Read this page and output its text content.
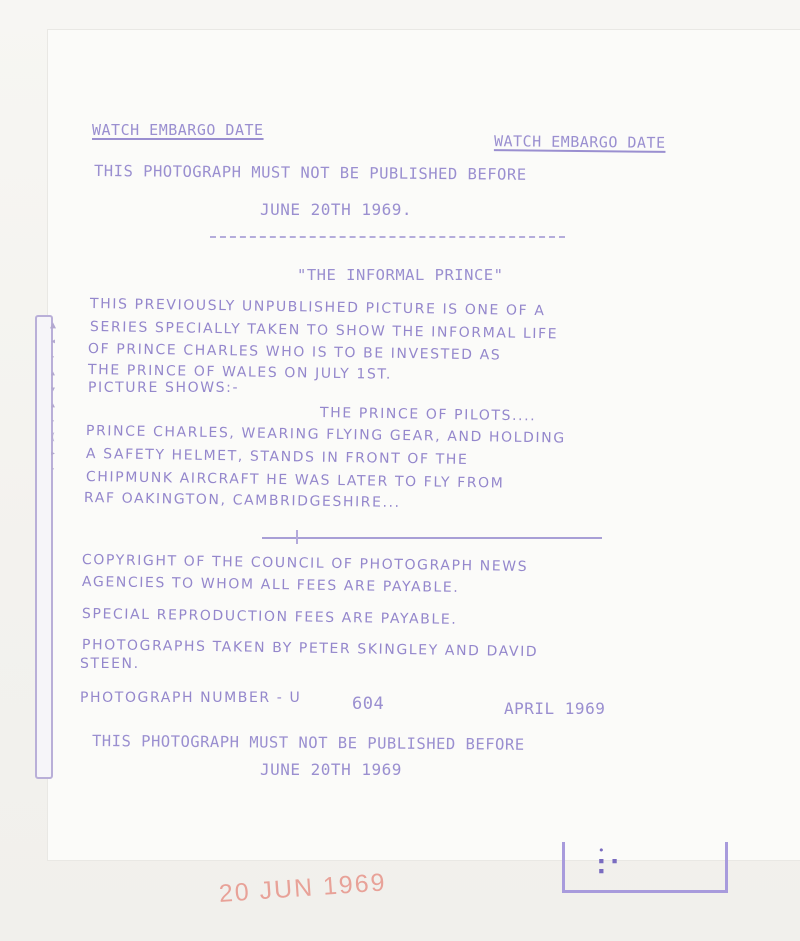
▲
◂
·
▴
▾
▴
·
(
▸
·
WATCH EMBARGO DATE
WATCH EMBARGO DATE
THIS PHOTOGRAPH MUST NOT BE PUBLISHED BEFORE
JUNE 20TH 1969.
"THE INFORMAL PRINCE"
THIS PREVIOUSLY UNPUBLISHED PICTURE IS ONE OF A
SERIES SPECIALLY TAKEN TO SHOW THE INFORMAL LIFE
OF PRINCE CHARLES WHO IS TO BE INVESTED AS
THE PRINCE OF WALES ON JULY 1ST.
PICTURE SHOWS:-
THE PRINCE OF PILOTS....
PRINCE CHARLES, WEARING FLYING GEAR, AND HOLDING
A SAFETY HELMET, STANDS IN FRONT OF THE
CHIPMUNK AIRCRAFT HE WAS LATER TO FLY FROM
RAF OAKINGTON, CAMBRIDGESHIRE...
COPYRIGHT OF THE COUNCIL OF PHOTOGRAPH NEWS
AGENCIES TO WHOM ALL FEES ARE PAYABLE.
SPECIAL REPRODUCTION FEES ARE PAYABLE.
PHOTOGRAPHS TAKEN BY PETER SKINGLEY AND DAVID
STEEN.
PHOTOGRAPH NUMBER - U	604	APRIL 1969
THIS PHOTOGRAPH MUST NOT BE PUBLISHED BEFORE
JUNE 20TH 1969
•
▪ ▪
▪
20 JUN 1969
